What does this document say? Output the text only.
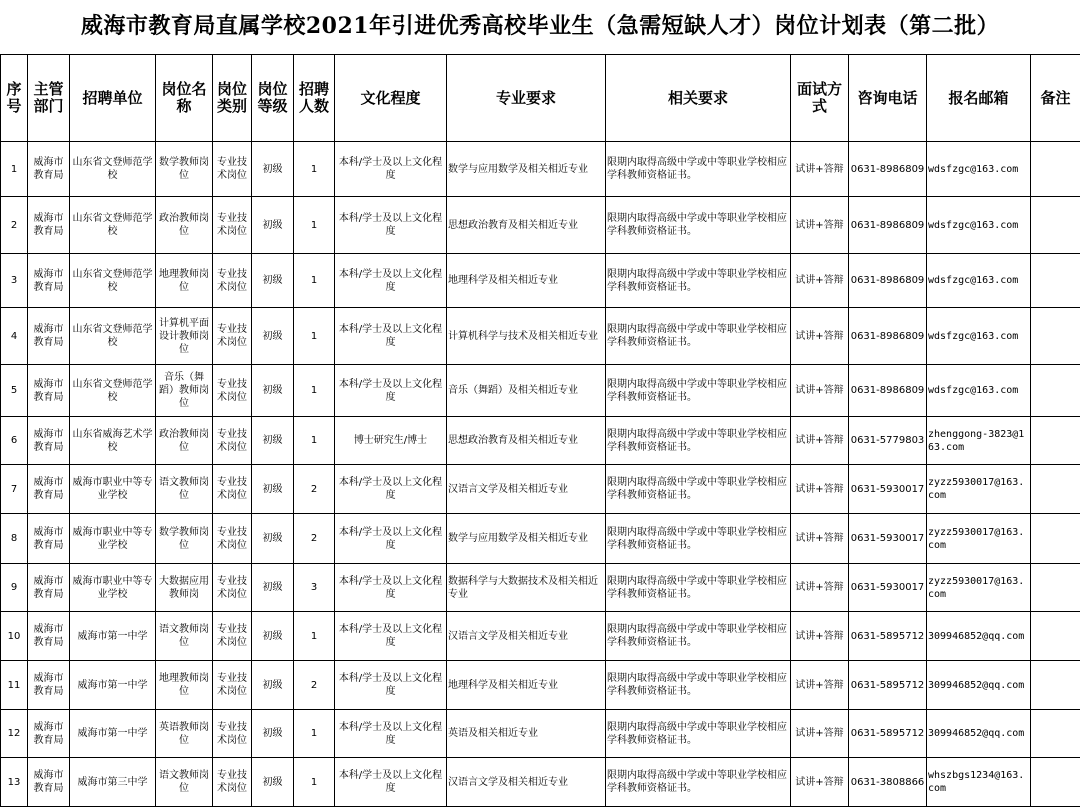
威海市教育局直属学校2021年引进优秀高校毕业生（急需短缺人才）岗位计划表（第二批）
序号	主管部门	招聘单位	岗位名称	岗位类别	岗位等级	招聘人数	文化程度	专业要求	相关要求	面试方式	咨询电话	报名邮箱	备注
1	威海市教育局	山东省文登师范学校	数学教师岗位	专业技术岗位	初级	1	本科/学士及以上文化程度	数学与应用数学及相关相近专业	限期内取得高级中学或中等职业学校相应学科教师资格证书。	试讲+答辩	0631-8986809	wdsfzgc@163.com	
2	威海市教育局	山东省文登师范学校	政治教师岗位	专业技术岗位	初级	1	本科/学士及以上文化程度	思想政治教育及相关相近专业	限期内取得高级中学或中等职业学校相应学科教师资格证书。	试讲+答辩	0631-8986809	wdsfzgc@163.com	
3	威海市教育局	山东省文登师范学校	地理教师岗位	专业技术岗位	初级	1	本科/学士及以上文化程度	地理科学及相关相近专业	限期内取得高级中学或中等职业学校相应学科教师资格证书。	试讲+答辩	0631-8986809	wdsfzgc@163.com	
4	威海市教育局	山东省文登师范学校	计算机平面设计教师岗位	专业技术岗位	初级	1	本科/学士及以上文化程度	计算机科学与技术及相关相近专业	限期内取得高级中学或中等职业学校相应学科教师资格证书。	试讲+答辩	0631-8986809	wdsfzgc@163.com	
5	威海市教育局	山东省文登师范学校	音乐（舞蹈）教师岗位	专业技术岗位	初级	1	本科/学士及以上文化程度	音乐（舞蹈）及相关相近专业	限期内取得高级中学或中等职业学校相应学科教师资格证书。	试讲+答辩	0631-8986809	wdsfzgc@163.com	
6	威海市教育局	山东省威海艺术学校	政治教师岗位	专业技术岗位	初级	1	博士研究生/博士	思想政治教育及相关相近专业	限期内取得高级中学或中等职业学校相应学科教师资格证书。	试讲+答辩	0631-5779803	zhenggong-3823@163.com	
7	威海市教育局	威海市职业中等专业学校	语文教师岗位	专业技术岗位	初级	2	本科/学士及以上文化程度	汉语言文学及相关相近专业	限期内取得高级中学或中等职业学校相应学科教师资格证书。	试讲+答辩	0631-5930017	zyzz5930017@163.com	
8	威海市教育局	威海市职业中等专业学校	数学教师岗位	专业技术岗位	初级	2	本科/学士及以上文化程度	数学与应用数学及相关相近专业	限期内取得高级中学或中等职业学校相应学科教师资格证书。	试讲+答辩	0631-5930017	zyzz5930017@163.com	
9	威海市教育局	威海市职业中等专业学校	大数据应用教师岗	专业技术岗位	初级	3	本科/学士及以上文化程度	数据科学与大数据技术及相关相近专业	限期内取得高级中学或中等职业学校相应学科教师资格证书。	试讲+答辩	0631-5930017	zyzz5930017@163.com	
10	威海市教育局	威海市第一中学	语文教师岗位	专业技术岗位	初级	1	本科/学士及以上文化程度	汉语言文学及相关相近专业	限期内取得高级中学或中等职业学校相应学科教师资格证书。	试讲+答辩	0631-5895712	309946852@qq.com	
11	威海市教育局	威海市第一中学	地理教师岗位	专业技术岗位	初级	2	本科/学士及以上文化程度	地理科学及相关相近专业	限期内取得高级中学或中等职业学校相应学科教师资格证书。	试讲+答辩	0631-5895712	309946852@qq.com	
12	威海市教育局	威海市第一中学	英语教师岗位	专业技术岗位	初级	1	本科/学士及以上文化程度	英语及相关相近专业	限期内取得高级中学或中等职业学校相应学科教师资格证书。	试讲+答辩	0631-5895712	309946852@qq.com	
13	威海市教育局	威海市第三中学	语文教师岗位	专业技术岗位	初级	1	本科/学士及以上文化程度	汉语言文学及相关相近专业	限期内取得高级中学或中等职业学校相应学科教师资格证书。	试讲+答辩	0631-3808866	whszbgs1234@163.com	
